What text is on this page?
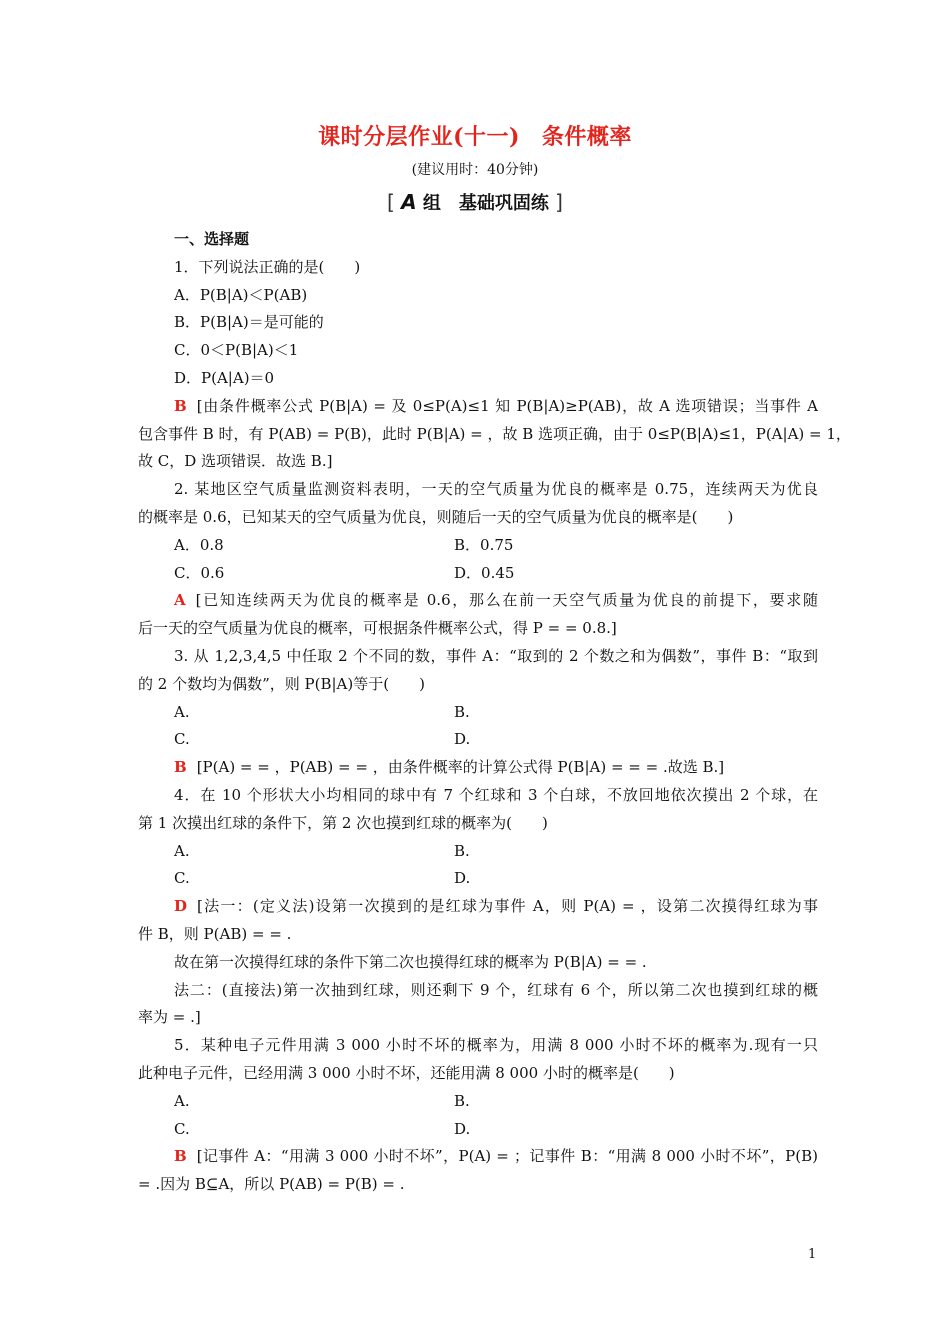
课时分层作业(十一) 条件概率
(建议用时：40分钟)
[ A 组　基础巩固练 ]
一、选择题
1．下列说法正确的是(　　)
A．P(B|A)＜P(AB)
B．P(B|A)＝是可能的
C．0＜P(B|A)＜1
D．P(A|A)＝0
B [由条件概率公式 P(B|A) = 及 0≤P(A)≤1 知 P(B|A)≥P(AB)，故 A 选项错误；当事件 A
包含事件 B 时，有 P(AB) = P(B)，此时 P(B|A) = ，故 B 选项正确，由于 0≤P(B|A)≤1，P(A|A) = 1，
故 C，D 选项错误．故选 B.]
2. 某地区空气质量监测资料表明，一天的空气质量为优良的概率是 0.75，连续两天为优良
的概率是 0.6，已知某天的空气质量为优良，则随后一天的空气质量为优良的概率是(　　)
A．0.8	B．0.75
C．0.6	D．0.45
A [已知连续两天为优良的概率是 0.6，那么在前一天空气质量为优良的前提下，要求随
后一天的空气质量为优良的概率，可根据条件概率公式，得 P = = 0.8.]
3. 从 1,2,3,4,5 中任取 2 个不同的数，事件 A：“取到的 2 个数之和为偶数”，事件 B：“取到
的 2 个数均为偶数”，则 P(B|A)等于(　　)
A.	B.
C.	D.
B [P(A) = = ，P(AB) = = ，由条件概率的计算公式得 P(B|A) = = = .故选 B.]
4．在 10 个形状大小均相同的球中有 7 个红球和 3 个白球，不放回地依次摸出 2 个球，在
第 1 次摸出红球的条件下，第 2 次也摸到红球的概率为(　　)
A.	B.
C.	D.
D [法一：(定义法)设第一次摸到的是红球为事件 A，则 P(A) = ，设第二次摸得红球为事
件 B，则 P(AB) = = .
故在第一次摸得红球的条件下第二次也摸得红球的概率为 P(B|A) = = .
法二：(直接法)第一次抽到红球，则还剩下 9 个，红球有 6 个，所以第二次也摸到红球的概
率为 = .]
5．某种电子元件用满 3 000 小时不坏的概率为，用满 8 000 小时不坏的概率为.现有一只
此种电子元件，已经用满 3 000 小时不坏，还能用满 8 000 小时的概率是(　　)
A.	B.
C.	D.
B [记事件 A：“用满 3 000 小时不坏”，P(A) = ；记事件 B：“用满 8 000 小时不坏”，P(B)
= .因为 B⊆A，所以 P(AB) = P(B) = .
1
